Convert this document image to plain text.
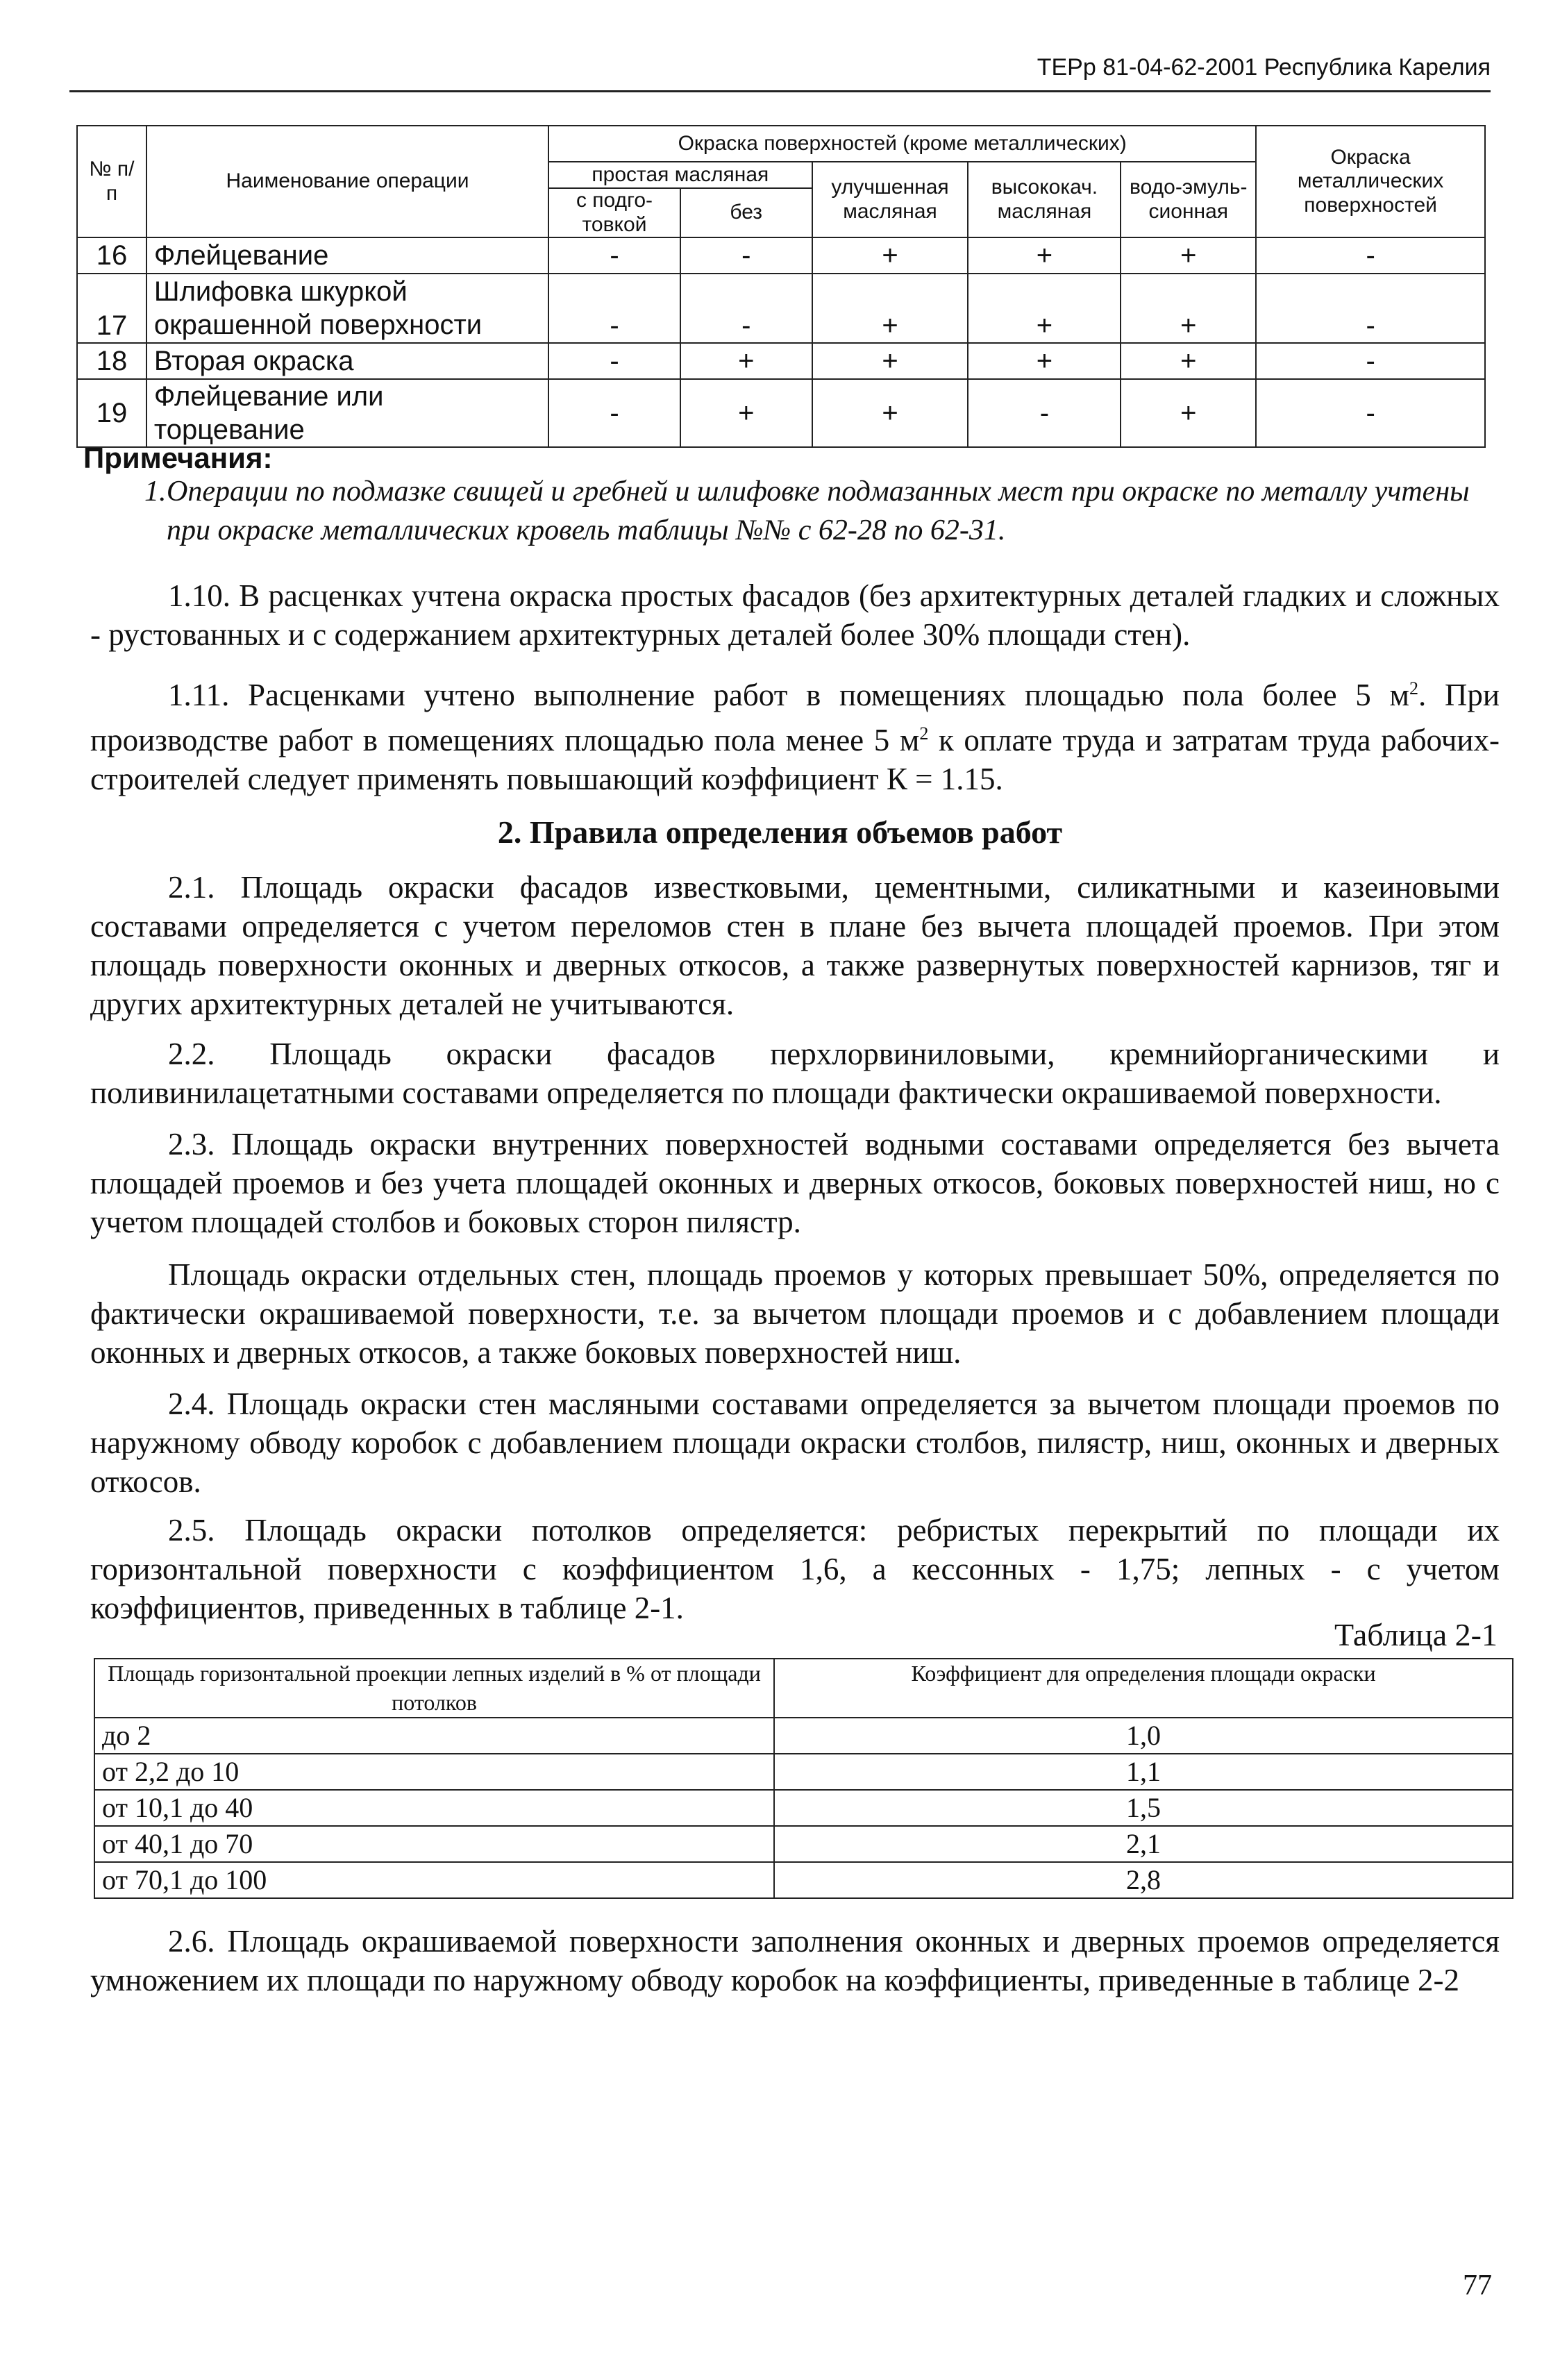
ТЕРр 81-04-62-2001 Республика Карелия
№ п/п	Наименование операции	Окраска поверхностей (кроме металлических)					Окраска металлических поверхностей
		простая масляная		улучшенная масляная	высококач. масляная	водо-эмуль-сионная	
		с подго-товкой	без				
16	Флейцевание	-	-	+	+	+	-
17	Шлифовка шкуркой окрашенной поверхности	-	-	+	+	+	-
18	Вторая окраска	-	+	+	+	+	-
19	Флейцевание или торцевание	-	+	+	-	+	-
Примечания:
1. Операции по подмазке свищей и гребней и шлифовке подмазанных мест при окраске по металлу учтены при окраске металлических кровель таблицы №№ с 62-28 по 62-31.
1.10. В расценках учтена окраска простых фасадов (без архитектурных деталей гладких и сложных - рустованных и с содержанием архитектурных деталей более 30% площади стен).
1.11. Расценками учтено выполнение работ в помещениях площадью пола более 5 $м^2$. При производстве работ в помещениях площадью пола менее 5 $м^2$ к оплате труда и затратам труда рабочих-строителей следует применять повышающий коэффициент К = 1.15.
2. Правила определения объемов работ
2.1. Площадь окраски фасадов известковыми, цементными, силикатными и казеиновыми составами определяется с учетом переломов стен в плане без вычета площадей проемов. При этом площадь поверхности оконных и дверных откосов, а также развернутых поверхностей карнизов, тяг и других архитектурных деталей не учитываются.
2.2. Площадь окраски фасадов перхлорвиниловыми, кремнийорганическими и поливинилацетатными составами определяется по площади фактически окрашиваемой поверхности.
2.3. Площадь окраски внутренних поверхностей водными составами определяется без вычета площадей проемов и без учета площадей оконных и дверных откосов, боковых поверхностей ниш, но с учетом площадей столбов и боковых сторон пилястр.
Площадь окраски отдельных стен, площадь проемов у которых превышает 50%, определяется по фактически окрашиваемой поверхности, т.е. за вычетом площади проемов и с добавлением площади оконных и дверных откосов, а также боковых поверхностей ниш.
2.4. Площадь окраски стен масляными составами определяется за вычетом площади проемов по наружному обводу коробок с добавлением площади окраски столбов, пилястр, ниш, оконных и дверных откосов.
2.5. Площадь окраски потолков определяется: ребристых перекрытий по площади их горизонтальной поверхности с коэффициентом 1,6, а кессонных - 1,75; лепных - с учетом коэффициентов, приведенных в таблице 2-1.
Таблица 2-1
Площадь горизонтальной проекции лепных изделий в % от площади потолков	Коэффициент для определения площади окраски
до 2	1,0
от 2,2 до 10	1,1
от 10,1 до 40	1,5
от 40,1 до 70	2,1
от 70,1 до 100	2,8
2.6. Площадь окрашиваемой поверхности заполнения оконных и дверных проемов определяется умножением их площади по наружному обводу коробок на коэффициенты, приведенные в таблице 2-2
77
